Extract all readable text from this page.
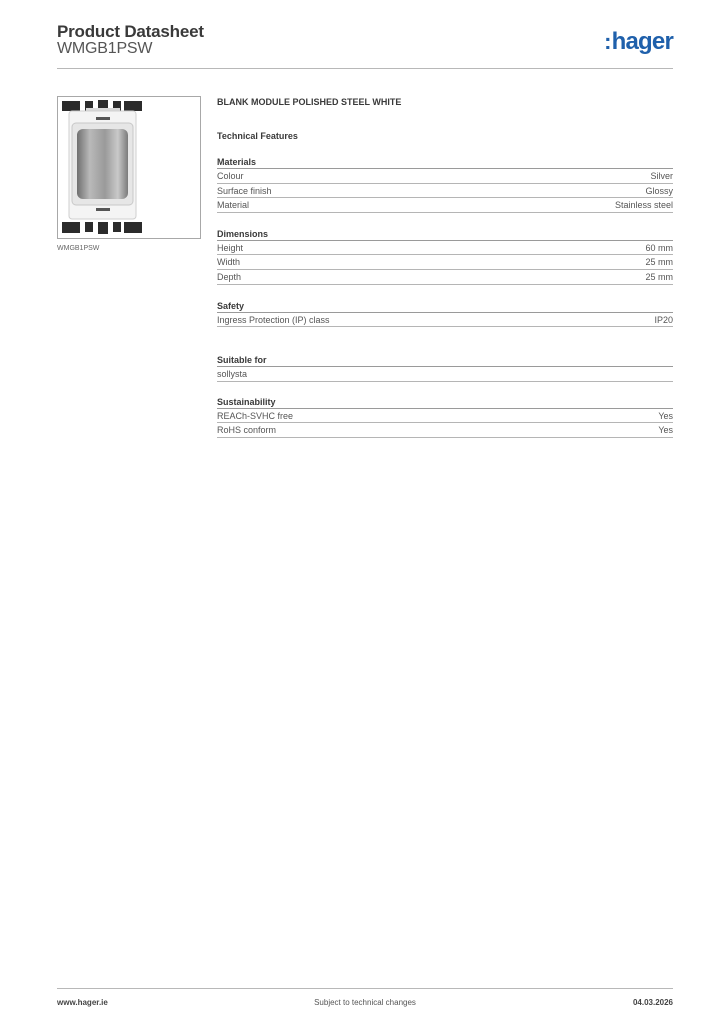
Product Datasheet
WMGB1PSW	:hager
WMGB1PSW
BLANK MODULE POLISHED STEEL WHITE
Technical Features
Materials
Colour	Silver
Surface finish	Glossy
Material	Stainless steel
Dimensions
Height	60 mm
Width	25 mm
Depth	25 mm
Safety
Ingress Protection (IP) class	IP20
Suitable for
sollysta
Sustainability
REACh-SVHC free	Yes
RoHS conform	Yes
www.hager.ie	Subject to technical changes	04.03.2026
